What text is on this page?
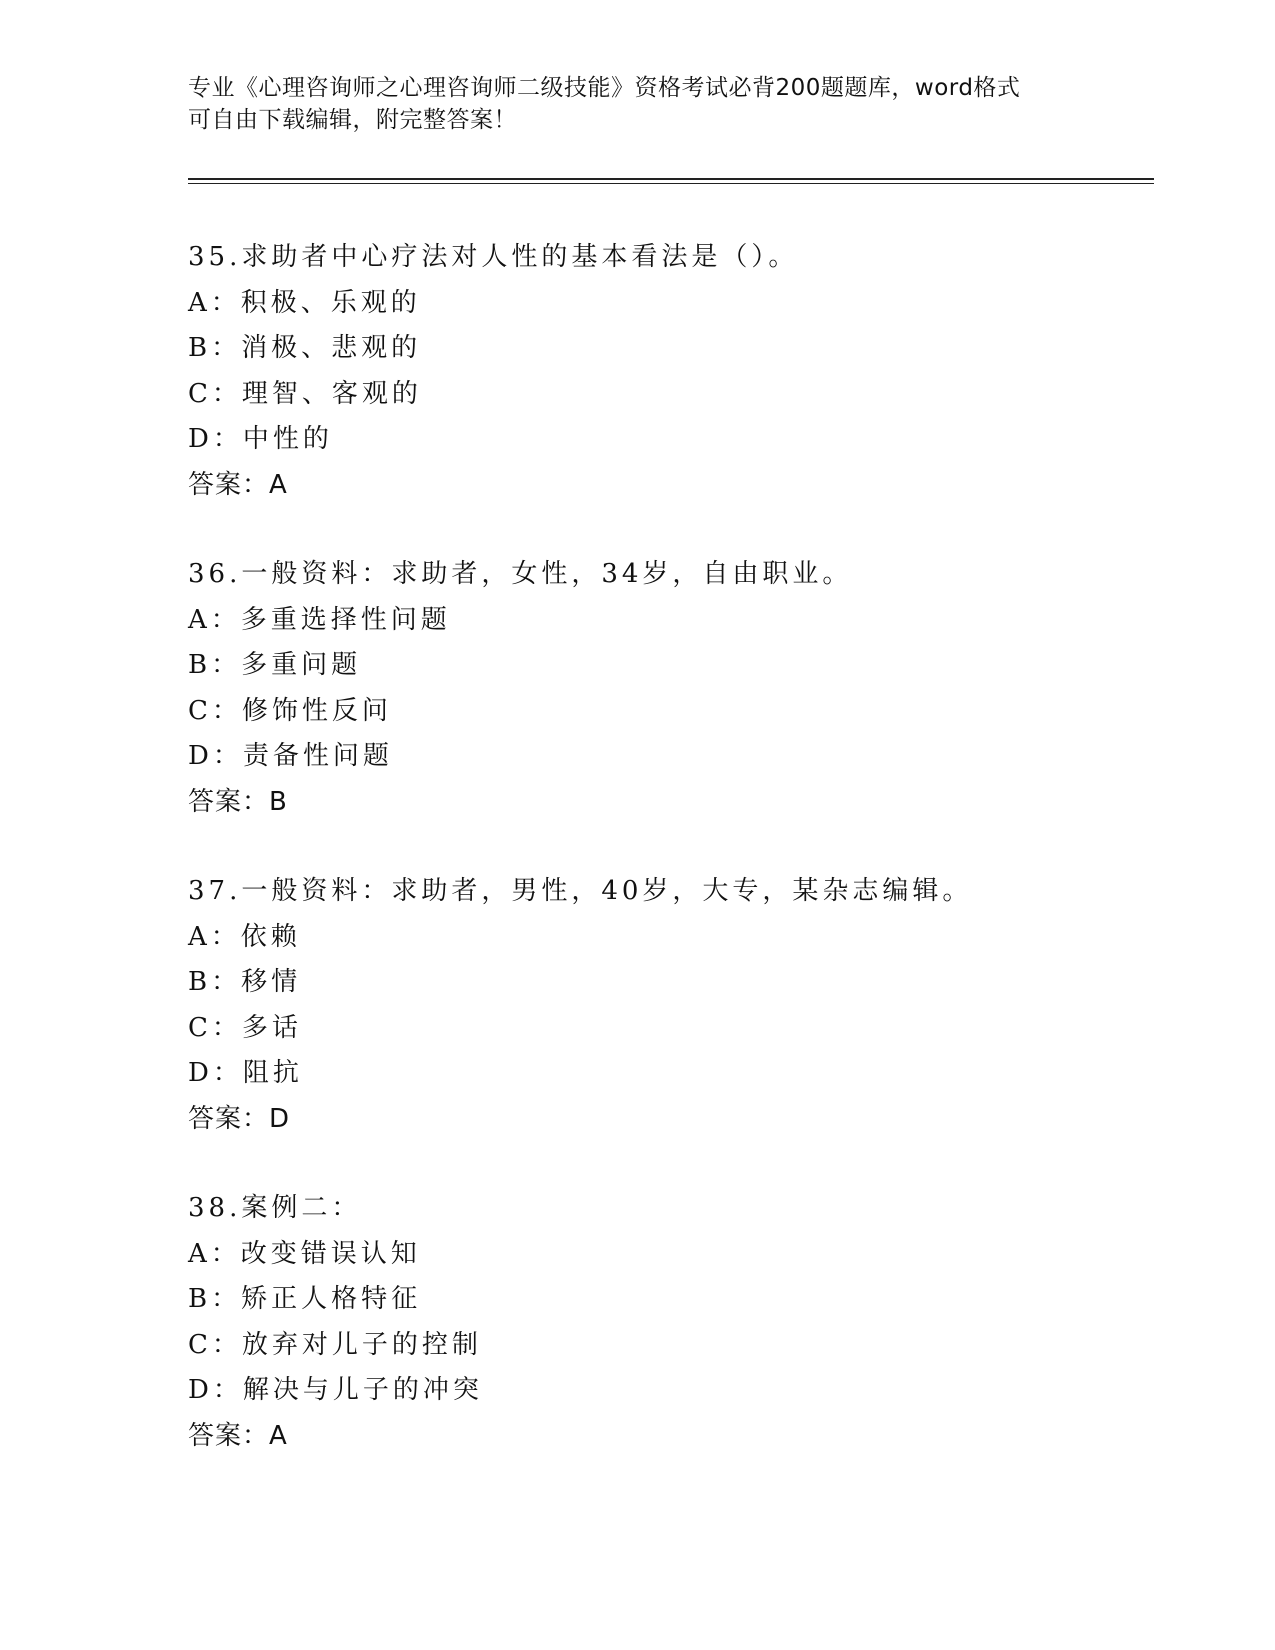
专业《心理咨询师之心理咨询师二级技能》资格考试必背200题题库，word格式
可自由下载编辑，附完整答案！
35.求助者中心疗法对人性的基本看法是（）。
A：积极、乐观的
B：消极、悲观的
C：理智、客观的
D：中性的
答案：A
36.一般资料：求助者，女性，34岁，自由职业。
A：多重选择性问题
B：多重问题
C：修饰性反问
D：责备性问题
答案：B
37.一般资料：求助者，男性，40岁，大专，某杂志编辑。
A：依赖
B：移情
C：多话
D：阻抗
答案：D
38.案例二：
A：改变错误认知
B：矫正人格特征
C：放弃对儿子的控制
D：解决与儿子的冲突
答案：A
